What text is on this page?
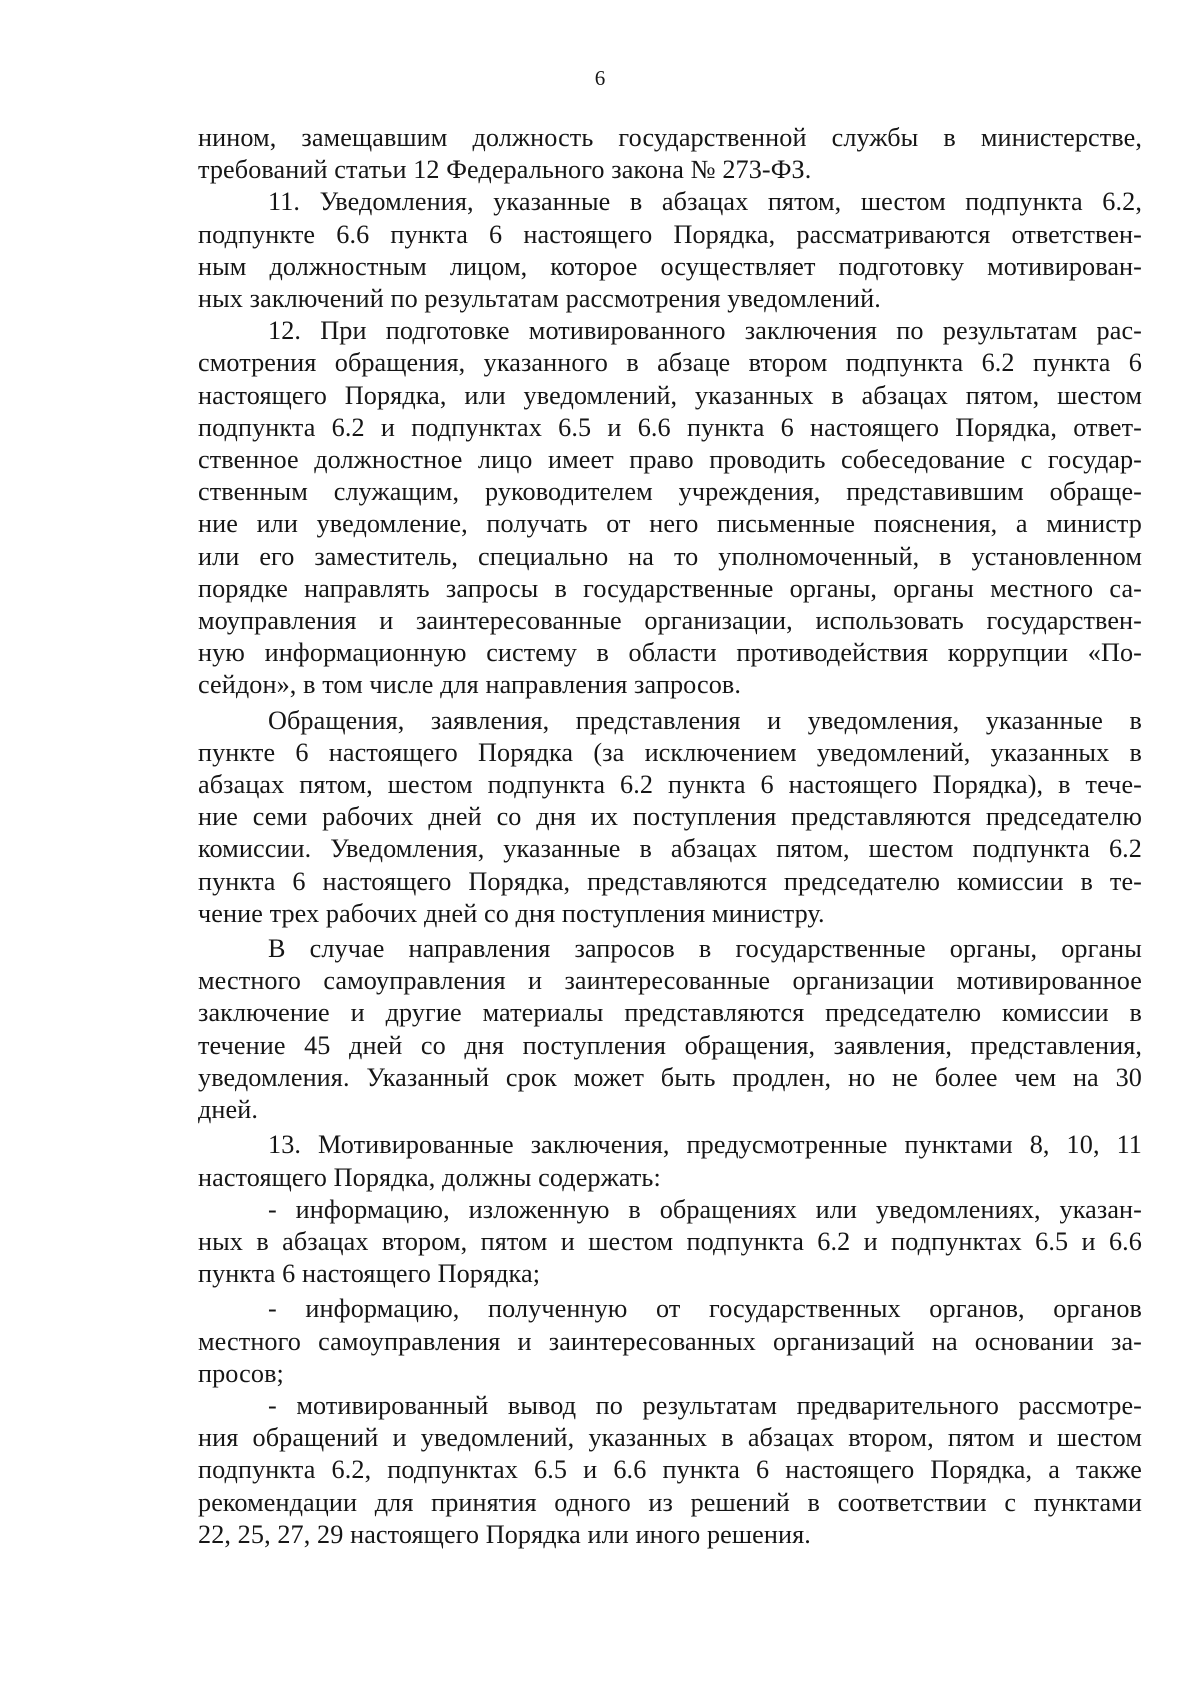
6
нином, замещавшим должность государственной службы в министерстве,
требований статьи 12 Федерального закона № 273-ФЗ.
11. Уведомления, указанные в абзацах пятом, шестом подпункта 6.2,
подпункте 6.6 пункта 6 настоящего Порядка, рассматриваются ответствен-
ным должностным лицом, которое осуществляет подготовку мотивирован-
ных заключений по результатам рассмотрения уведомлений.
12. При подготовке мотивированного заключения по результатам рас-
смотрения обращения, указанного в абзаце втором подпункта 6.2 пункта 6
настоящего Порядка, или уведомлений, указанных в абзацах пятом, шестом
подпункта 6.2 и подпунктах 6.5 и 6.6 пункта 6 настоящего Порядка, ответ-
ственное должностное лицо имеет право проводить собеседование с государ-
ственным служащим, руководителем учреждения, представившим обраще-
ние или уведомление, получать от него письменные пояснения, а министр
или его заместитель, специально на то уполномоченный, в установленном
порядке направлять запросы в государственные органы, органы местного са-
моуправления и заинтересованные организации, использовать государствен-
ную информационную систему в области противодействия коррупции «По-
сейдон», в том числе для направления запросов.
Обращения, заявления, представления и уведомления, указанные в
пункте 6 настоящего Порядка (за исключением уведомлений, указанных в
абзацах пятом, шестом подпункта 6.2 пункта 6 настоящего Порядка), в тече-
ние семи рабочих дней со дня их поступления представляются председателю
комиссии. Уведомления, указанные в абзацах пятом, шестом подпункта 6.2
пункта 6 настоящего Порядка, представляются председателю комиссии в те-
чение трех рабочих дней со дня поступления министру.
В случае направления запросов в государственные органы, органы
местного самоуправления и заинтересованные организации мотивированное
заключение и другие материалы представляются председателю комиссии в
течение 45 дней со дня поступления обращения, заявления, представления,
уведомления. Указанный срок может быть продлен, но не более чем на 30
дней.
13. Мотивированные заключения, предусмотренные пунктами 8, 10, 11
настоящего Порядка, должны содержать:
- информацию, изложенную в обращениях или уведомлениях, указан-
ных в абзацах втором, пятом и шестом подпункта 6.2 и подпунктах 6.5 и 6.6
пункта 6 настоящего Порядка;
- информацию, полученную от государственных органов, органов
местного самоуправления и заинтересованных организаций на основании за-
просов;
- мотивированный вывод по результатам предварительного рассмотре-
ния обращений и уведомлений, указанных в абзацах втором, пятом и шестом
подпункта 6.2, подпунктах 6.5 и 6.6 пункта 6 настоящего Порядка, а также
рекомендации для принятия одного из решений в соответствии с пунктами
22, 25, 27, 29 настоящего Порядка или иного решения.
